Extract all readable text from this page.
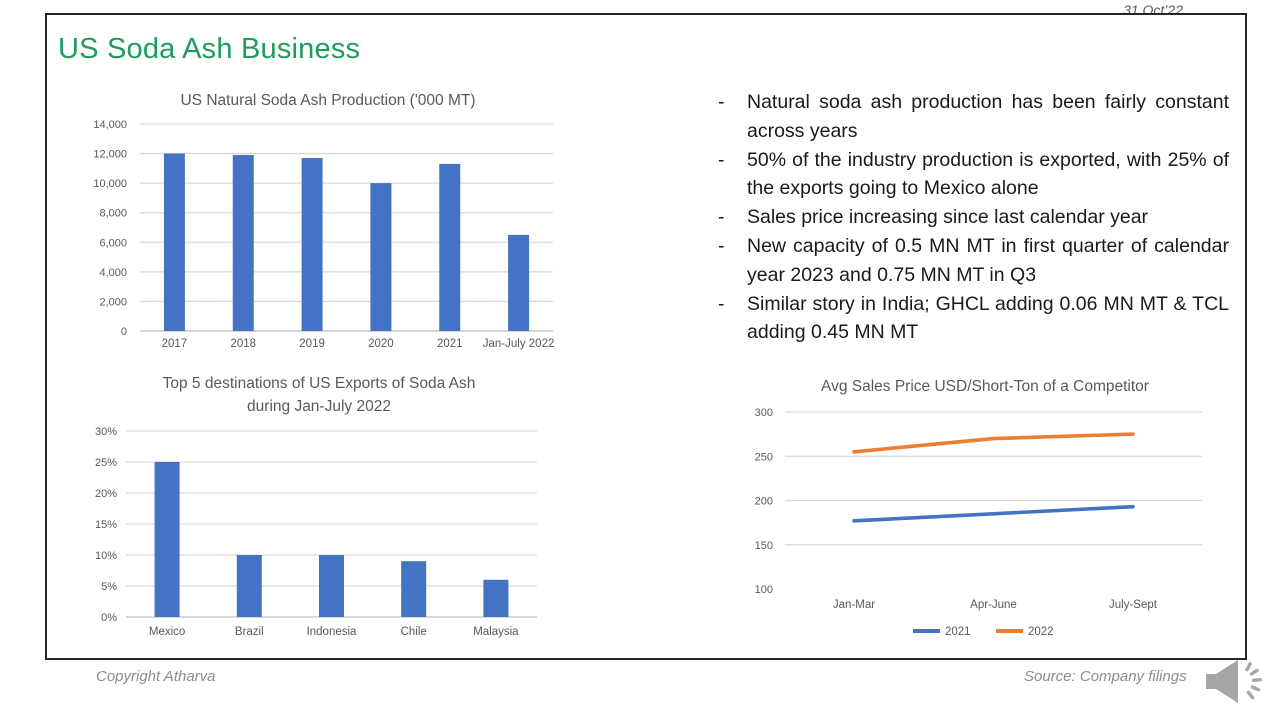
31 Oct’22
US Soda Ash Business
US Natural Soda Ash Production ('000 MT)
0
2,000
4,000
6,000
8,000
10,000
12,000
14,000
2017	2018	2019	2020	2021 Jan-July 2022
- Natural soda ash production has been fairly constant across years
- 50% of the industry production is exported, with 25% of the exports going to Mexico alone
- Sales price increasing since last calendar year
- New capacity of 0.5 MN MT in first quarter of calendar year 2023 and 0.75 MN MT in Q3
- Similar story in India; GHCL adding 0.06 MN MT & TCL adding 0.45 MN MT
Top 5 destinations of US Exports of Soda Ash
during Jan-July 2022
0%
5%
10%
15%
20%
25%
30%
Mexico	Brazil	Indonesia	Chile	Malaysia
Avg Sales Price USD/Short-Ton of a Competitor
100
150
200
250
300
Jan-Mar	Apr-June	July-Sept
2021	2022
Copyright Atharva	Source: Company filings
